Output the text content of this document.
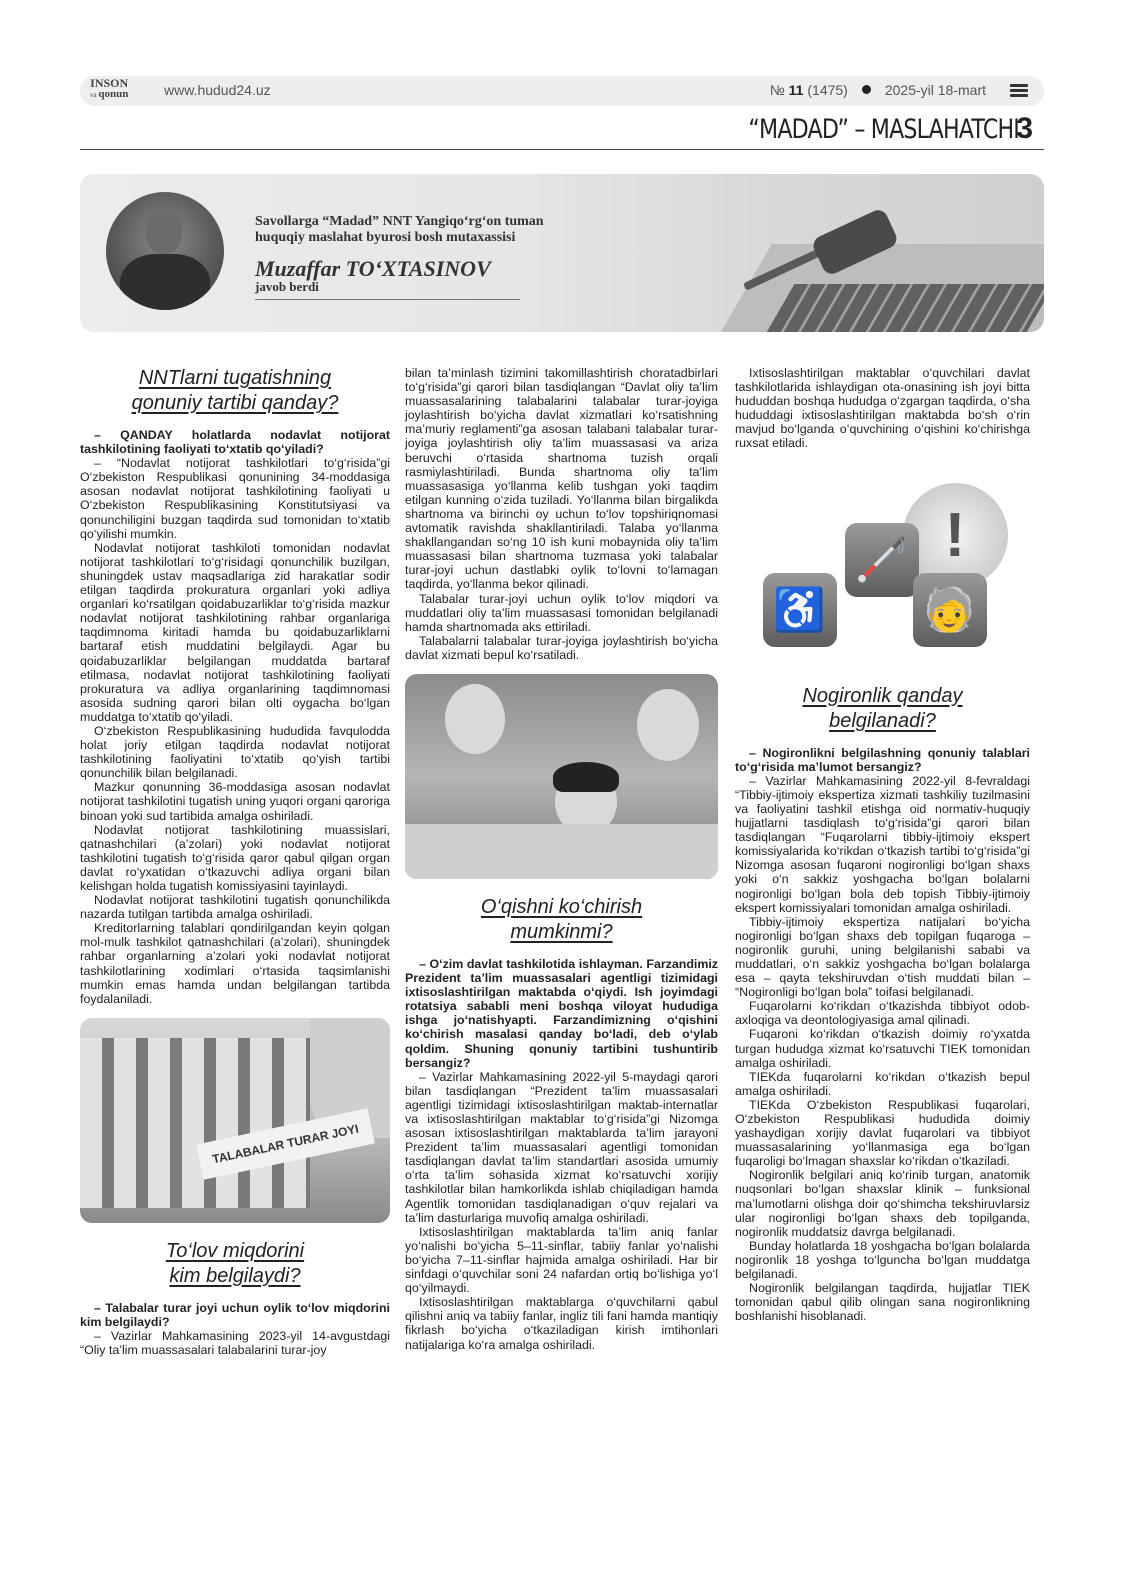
INSON
va qonun	www.hudud24.uz	№ 11 (1475)	2025-yil 18-mart
“MADAD” – MASLAHATCHI
3
Savollarga “Madad” NNT Yangiqo‘rg‘on tuman huquqiy maslahat byurosi bosh mutaxassisi
Muzaffar TO‘XTASINOV
javob berdi
NNTlarni tugatishning qonuniy tartibi qanday?

– QANDAY holatlarda nodavlat notijorat tashkilotining faoliyati to‘xtatib qo‘yiladi?

– “Nodavlat notijorat tashkilotlari to‘g‘risida”gi O‘zbekiston Respublikasi qonunining 34-moddasiga asosan nodavlat notijorat tashkilotining faoliyati u O‘zbekiston Respublikasining Konstitutsiyasi va qonunchiligini buzgan taqdirda sud tomonidan to‘xtatib qo‘yilishi mumkin.

Nodavlat notijorat tashkiloti tomonidan nodavlat notijorat tashkilotlari to‘g‘risidagi qonunchilik buzilgan, shuningdek ustav maqsadlariga zid harakatlar sodir etilgan taqdirda prokuratura organlari yoki adliya organlari ko‘rsatilgan qoidabuzarliklar to‘g‘risida mazkur nodavlat notijorat tashkilotining rahbar organlariga taqdimnoma kiritadi hamda bu qoidabuzarliklarni bartaraf etish muddatini belgilaydi. Agar bu qoidabuzarliklar belgilangan muddatda bartaraf etilmasa, nodavlat notijorat tashkilotining faoliyati prokuratura va adliya organlarining taqdimnomasi asosida sudning qarori bilan olti oygacha bo‘lgan muddatga to‘xtatib qo‘yiladi.

O‘zbekiston Respublikasining hududida favqulodda holat joriy etilgan taqdirda nodavlat notijorat tashkilotining faoliyatini to‘xtatib qo‘yish tartibi qonunchilik bilan belgilanadi.

Mazkur qonunning 36-moddasiga asosan nodavlat notijorat tashkilotini tugatish uning yuqori organi qaroriga binoan yoki sud tartibida amalga oshiriladi.

Nodavlat notijorat tashkilotining muassislari, qatnashchilari (a’zolari) yoki nodavlat notijorat tashkilotini tugatish to‘g‘risida qaror qabul qilgan organ davlat ro‘yxatidan o‘tkazuvchi adliya organi bilan kelishgan holda tugatish komissiyasini tayinlaydi.

Nodavlat notijorat tashkilotini tugatish qonunchilikda nazarda tutilgan tartibda amalga oshiriladi.

Kreditorlarning talablari qondirilgandan keyin qolgan mol-mulk tashkilot qatnashchilari (a’zolari), shuningdek rahbar organlarning a’zolari yoki nodavlat notijorat tashkilotlarining xodimlari o‘rtasida taqsimlanishi mumkin emas hamda undan belgilangan tartibda foydalaniladi.

TALABALAR TURAR JOYI
To‘lov miqdorini kim belgilaydi?

– Talabalar turar joyi uchun oylik to‘lov miqdorini kim belgilaydi?

– Vazirlar Mahkamasining 2023-yil 14-avgustdagi “Oliy ta’lim muassasalari talabalarini turar-joy

bilan ta’minlash tizimini takomillashtirish choratadbirlari to‘g‘risida”gi qarori bilan tasdiqlangan “Davlat oliy ta’lim muassasalarining talabalarini talabalar turar-joyiga joylashtirish bo‘yicha davlat xizmatlari ko‘rsatishning ma’muriy reglamenti”ga asosan talabani talabalar turar-joyiga joylashtirish oliy ta’lim muassasasi va ariza beruvchi o‘rtasida shartnoma tuzish orqali rasmiylashtiriladi. Bunda shartnoma oliy ta’lim muassasasiga yo‘llanma kelib tushgan yoki taqdim etilgan kunning o‘zida tuziladi. Yo‘llanma bilan birgalikda shartnoma va birinchi oy uchun to‘lov topshiriqnomasi avtomatik ravishda shakllantiriladi. Talaba yo‘llanma shakllangandan so‘ng 10 ish kuni mobaynida oliy ta’lim muassasasi bilan shartnoma tuzmasa yoki talabalar turar-joyi uchun dastlabki oylik to‘lovni to‘lamagan taqdirda, yo‘llanma bekor qilinadi.

Talabalar turar-joyi uchun oylik to‘lov miqdori va muddatlari oliy ta’lim muassasasi tomonidan belgilanadi hamda shartnomada aks ettiriladi.

Talabalarni talabalar turar-joyiga joylashtirish bo‘yicha davlat xizmati bepul ko‘rsatiladi.

O‘qishni ko‘chirish mumkinmi?

– O‘zim davlat tashkilotida ishlayman. Farzandimiz Prezident ta’lim muassasalari agentligi tizimidagi ixtisoslashtirilgan maktabda o‘qiydi. Ish joyimdagi rotatsiya sababli meni boshqa viloyat hududiga ishga jo‘natishyapti. Farzandimizning o‘qishini ko‘chirish masalasi qanday bo‘ladi, deb o‘ylab qoldim. Shuning qonuniy tartibini tushuntirib bersangiz?

– Vazirlar Mahkamasining 2022-yil 5-maydagi qarori bilan tasdiqlangan “Prezident ta’lim muassasalari agentligi tizimidagi ixtisoslashtirilgan maktab-internatlar va ixtisoslashtirilgan maktablar to‘g‘risida”gi Nizomga asosan ixtisoslashtirilgan maktablarda ta’lim jarayoni Prezident ta’lim muassasalari agentligi tomonidan tasdiqlangan davlat ta’lim standartlari asosida umumiy o‘rta ta’lim sohasida xizmat ko‘rsatuvchi xorijiy tashkilotlar bilan hamkorlikda ishlab chiqiladigan hamda Agentlik tomonidan tasdiqlanadigan o‘quv rejalari va ta’lim dasturlariga muvofiq amalga oshiriladi.

Ixtisoslashtirilgan maktablarda ta’lim aniq fanlar yo‘nalishi bo‘yicha 5–11-sinflar, tabiiy fanlar yo‘nalishi bo‘yicha 7–11-sinflar hajmida amalga oshiriladi. Har bir sinfdagi o‘quvchilar soni 24 nafardan ortiq bo‘lishiga yo‘l qo‘yilmaydi.

Ixtisoslashtirilgan maktablarga o‘quvchilarni qabul qilishni aniq va tabiiy fanlar, ingliz tili fani hamda mantiqiy fikrlash bo‘yicha o‘tkaziladigan kirish imtihonlari natijalariga ko‘ra amalga oshiriladi.

Ixtisoslashtirilgan maktablar o‘quvchilari davlat tashkilotlarida ishlaydigan ota-onasining ish joyi bitta hududdan boshqa hududga o‘zgargan taqdirda, o‘sha hududdagi ixtisoslashtirilgan maktabda bo‘sh o‘rin mavjud bo‘lganda o‘quvchining o‘qishini ko‘chirishga ruxsat etiladi.

!
🦯
♿ 🧓
Nogironlik qanday belgilanadi?

– Nogironlikni belgilashning qonuniy talablari to‘g‘risida ma’lumot bersangiz?

– Vazirlar Mahkamasining 2022-yil 8-fevraldagi “Tibbiy-ijtimoiy ekspertiza xizmati tashkiliy tuzilmasini va faoliyatini tashkil etishga oid normativ-huquqiy hujjatlarni tasdiqlash to‘g‘risida”gi qarori bilan tasdiqlangan “Fuqarolarni tibbiy-ijtimoiy ekspert komissiyalarida ko‘rikdan o‘tkazish tartibi to‘g‘risida”gi Nizomga asosan fuqaroni nogironligi bo‘lgan shaxs yoki o‘n sakkiz yoshgacha bo‘lgan bolalarni nogironligi bo‘lgan bola deb topish Tibbiy-ijtimoiy ekspert komissiyalari tomonidan amalga oshiriladi.

Tibbiy-ijtimoiy ekspertiza natijalari bo‘yicha nogironligi bo‘lgan shaxs deb topilgan fuqaroga – nogironlik guruhi, uning belgilanishi sababi va muddatlari, o‘n sakkiz yoshgacha bo‘lgan bolalarga esa – qayta tekshiruvdan o‘tish muddati bilan – “Nogironligi bo‘lgan bola” toifasi belgilanadi.

Fuqarolarni ko‘rikdan o‘tkazishda tibbiyot odob-axloqiga va deontologiyasiga amal qilinadi.

Fuqaroni ko‘rikdan o‘tkazish doimiy ro‘yxatda turgan hududga xizmat ko‘rsatuvchi TIEK tomonidan amalga oshiriladi.

TIEKda fuqarolarni ko‘rikdan o‘tkazish bepul amalga oshiriladi.

TIEKda O‘zbekiston Respublikasi fuqarolari, O‘zbekiston Respublikasi hududida doimiy yashaydigan xorijiy davlat fuqarolari va tibbiyot muassasalarining yo‘llanmasiga ega bo‘lgan fuqaroligi bo‘lmagan shaxslar ko‘rikdan o‘tkaziladi.

Nogironlik belgilari aniq ko‘rinib turgan, anatomik nuqsonlari bo‘lgan shaxslar klinik – funksional ma’lumotlarni olishga doir qo‘shimcha tekshiruvlarsiz ular nogironligi bo‘lgan shaxs deb topilganda, nogironlik muddatsiz davrga belgilanadi.

Bunday holatlarda 18 yoshgacha bo‘lgan bolalarda nogironlik 18 yoshga to‘lguncha bo‘lgan muddatga belgilanadi.

Nogironlik belgilangan taqdirda, hujjatlar TIEK tomonidan qabul qilib olingan sana nogironlikning boshlanishi hisoblanadi.
